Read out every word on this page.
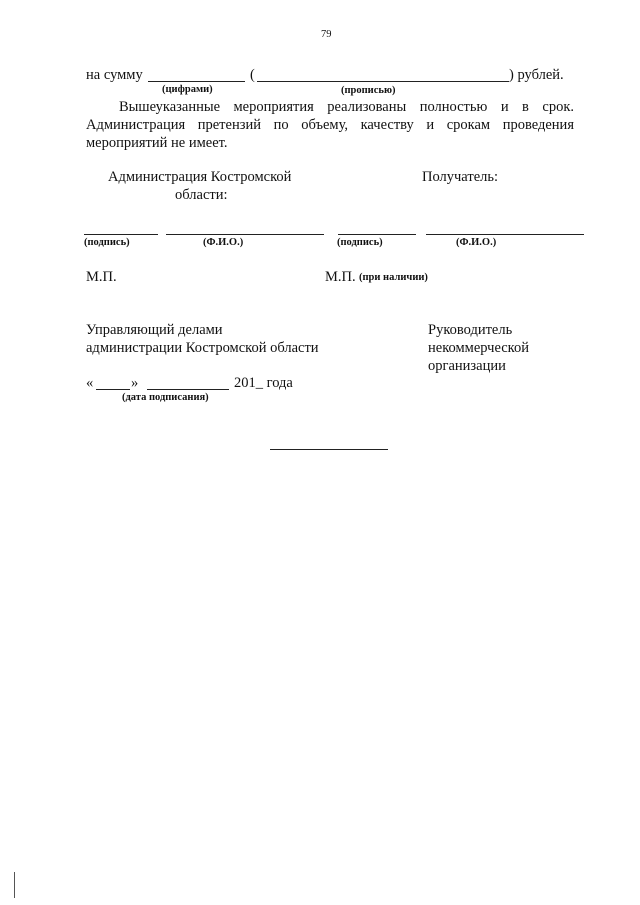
79
на сумму	(	) рублей.
(цифрами)	(прописью)
Вышеуказанные мероприятия реализованы полностью и в срок.
Администрация претензий по объему, качеству и срокам проведения
мероприятий не имеет.
Администрация Костромской
области:
Получатель:
(подпись)	(Ф.И.О.)	(подпись)	(Ф.И.О.)
М.П.	М.П. (при наличии)
Управляющий делами
администрации Костромской области
Руководитель
некоммерческой
организации
«	»	201_ года
(дата подписания)
